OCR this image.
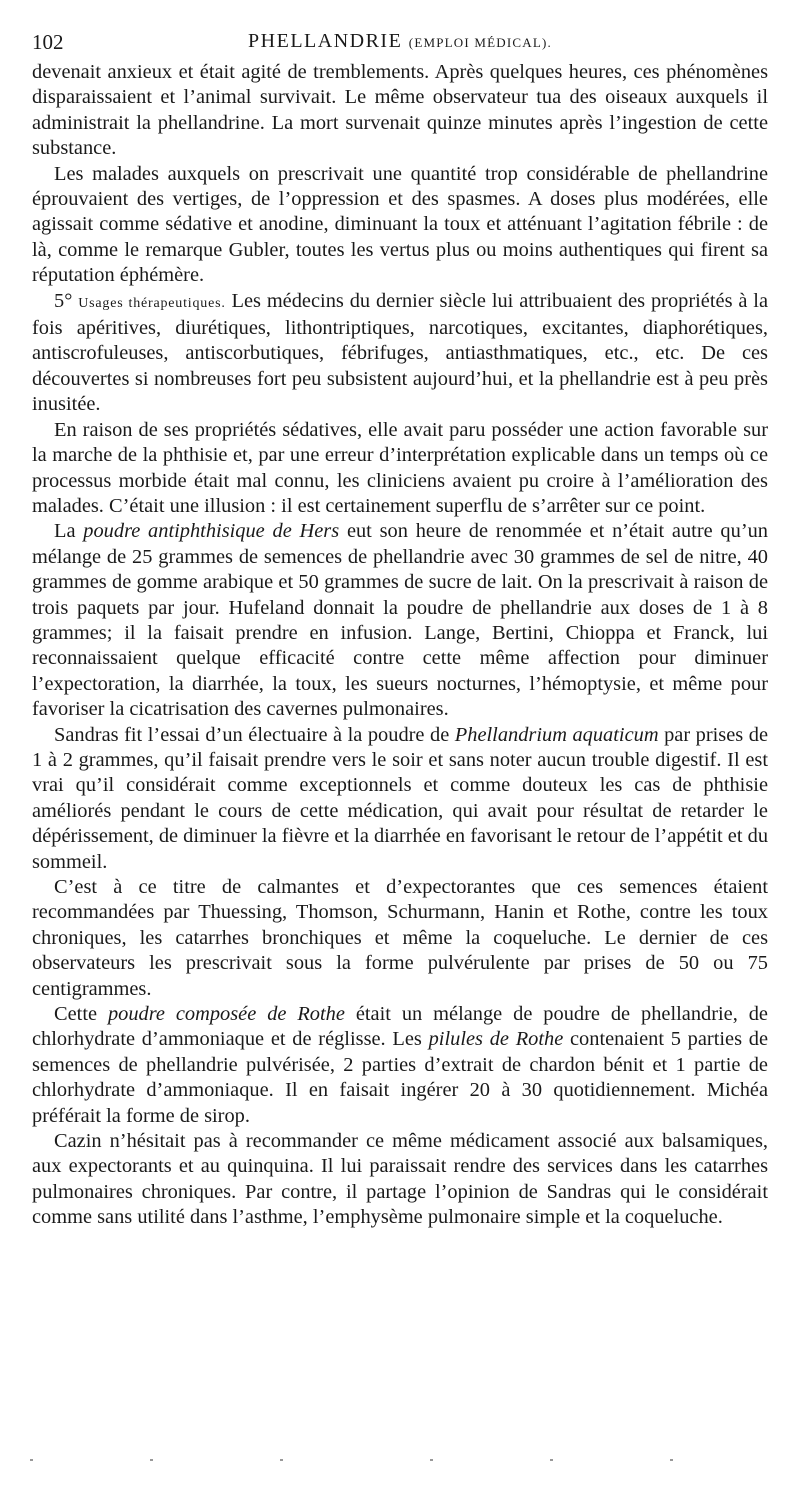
102	PHELLANDRIE (EMPLOI MÉDICAL).

devenait anxieux et était agité de tremblements. Après quelques heures, ces phénomènes disparaissaient et l’animal survivait. Le même observateur tua des oiseaux auxquels il administrait la phellandrine. La mort survenait quinze minutes après l’ingestion de cette substance.

Les malades auxquels on prescrivait une quantité trop considérable de phellandrine éprouvaient des vertiges, de l’oppression et des spasmes. A doses plus modérées, elle agissait comme sédative et anodine, diminuant la toux et atténuant l’agitation fébrile : de là, comme le remarque Gubler, toutes les vertus plus ou moins authentiques qui firent sa réputation éphémère.

5° Usages thérapeutiques. Les médecins du dernier siècle lui attribuaient des propriétés à la fois apéritives, diurétiques, lithontriptiques, narcotiques, excitantes, diaphorétiques, antiscrofuleuses, antiscorbutiques, fébrifuges, antiasthmatiques, etc., etc. De ces découvertes si nombreuses fort peu subsistent aujourd’hui, et la phellandrie est à peu près inusitée.

En raison de ses propriétés sédatives, elle avait paru posséder une action favorable sur la marche de la phthisie et, par une erreur d’interprétation explicable dans un temps où ce processus morbide était mal connu, les cliniciens avaient pu croire à l’amélioration des malades. C’était une illusion : il est certainement superflu de s’arrêter sur ce point.

La poudre antiphthisique de Hers eut son heure de renommée et n’était autre qu’un mélange de 25 grammes de semences de phellandrie avec 30 grammes de sel de nitre, 40 grammes de gomme arabique et 50 grammes de sucre de lait. On la prescrivait à raison de trois paquets par jour. Hufeland donnait la poudre de phellandrie aux doses de 1 à 8 grammes; il la faisait prendre en infusion. Lange, Bertini, Chioppa et Franck, lui reconnaissaient quelque efficacité contre cette même affection pour diminuer l’expectoration, la diarrhée, la toux, les sueurs nocturnes, l’hémoptysie, et même pour favoriser la cicatrisation des cavernes pulmonaires.

Sandras fit l’essai d’un électuaire à la poudre de Phellandrium aquaticum par prises de 1 à 2 grammes, qu’il faisait prendre vers le soir et sans noter aucun trouble digestif. Il est vrai qu’il considérait comme exceptionnels et comme douteux les cas de phthisie améliorés pendant le cours de cette médication, qui avait pour résultat de retarder le dépérissement, de diminuer la fièvre et la diarrhée en favorisant le retour de l’appétit et du sommeil.

C’est à ce titre de calmantes et d’expectorantes que ces semences étaient recommandées par Thuessing, Thomson, Schurmann, Hanin et Rothe, contre les toux chroniques, les catarrhes bronchiques et même la coqueluche. Le dernier de ces observateurs les prescrivait sous la forme pulvérulente par prises de 50 ou 75 centigrammes.

Cette poudre composée de Rothe était un mélange de poudre de phellandrie, de chlorhydrate d’ammoniaque et de réglisse. Les pilules de Rothe contenaient 5 parties de semences de phellandrie pulvérisée, 2 parties d’extrait de chardon bénit et 1 partie de chlorhydrate d’ammoniaque. Il en faisait ingérer 20 à 30 quotidiennement. Michéa préférait la forme de sirop.

Cazin n’hésitait pas à recommander ce même médicament associé aux balsamiques, aux expectorants et au quinquina. Il lui paraissait rendre des services dans les catarrhes pulmonaires chroniques. Par contre, il partage l’opinion de Sandras qui le considérait comme sans utilité dans l’asthme, l’emphysème pulmonaire simple et la coqueluche.
